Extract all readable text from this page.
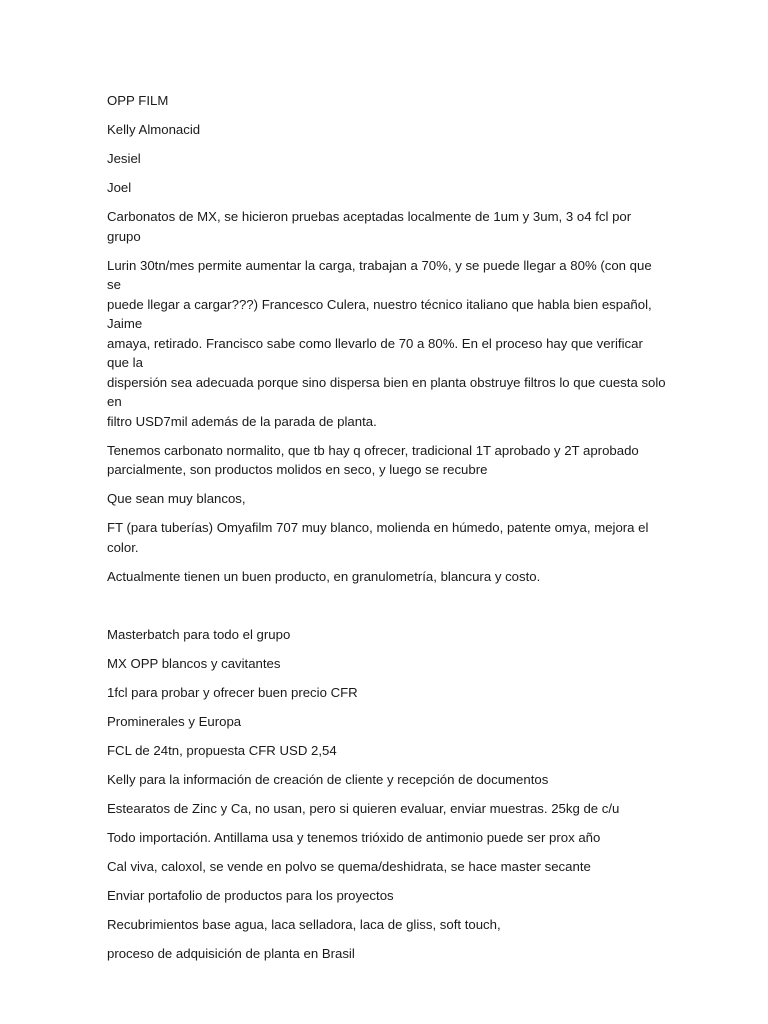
OPP FILM

Kelly Almonacid

Jesiel

Joel

Carbonatos de MX, se hicieron pruebas aceptadas localmente de 1um y 3um, 3 o4 fcl por grupo

Lurin 30tn/mes permite aumentar la carga, trabajan a 70%, y se puede llegar a 80% (con que se
puede llegar a cargar???) Francesco Culera, nuestro técnico italiano que habla bien español, Jaime
amaya, retirado. Francisco sabe como llevarlo de 70 a 80%. En el proceso hay que verificar que la
dispersión sea adecuada porque sino dispersa bien en planta obstruye filtros lo que cuesta solo en
filtro USD7mil además de la parada de planta.

Tenemos carbonato normalito, que tb hay q ofrecer, tradicional 1T aprobado y 2T aprobado
parcialmente, son productos molidos en seco, y luego se recubre

Que sean muy blancos,

FT (para tuberías) Omyafilm 707 muy blanco, molienda en húmedo, patente omya, mejora el
color.

Actualmente tienen un buen producto, en granulometría, blancura y costo.

Masterbatch para todo el grupo

MX OPP blancos y cavitantes

1fcl para probar y ofrecer buen precio CFR

Prominerales y Europa

FCL de 24tn, propuesta CFR USD 2,54

Kelly para la información de creación de cliente y recepción de documentos

Estearatos de Zinc y Ca, no usan, pero si quieren evaluar, enviar muestras. 25kg de c/u

Todo importación. Antillama usa y tenemos trióxido de antimonio puede ser prox año

Cal viva, caloxol, se vende en polvo se quema/deshidrata, se hace master secante

Enviar portafolio de productos para los proyectos

Recubrimientos base agua, laca selladora, laca de gliss, soft touch,

proceso de adquisición de planta en Brasil
